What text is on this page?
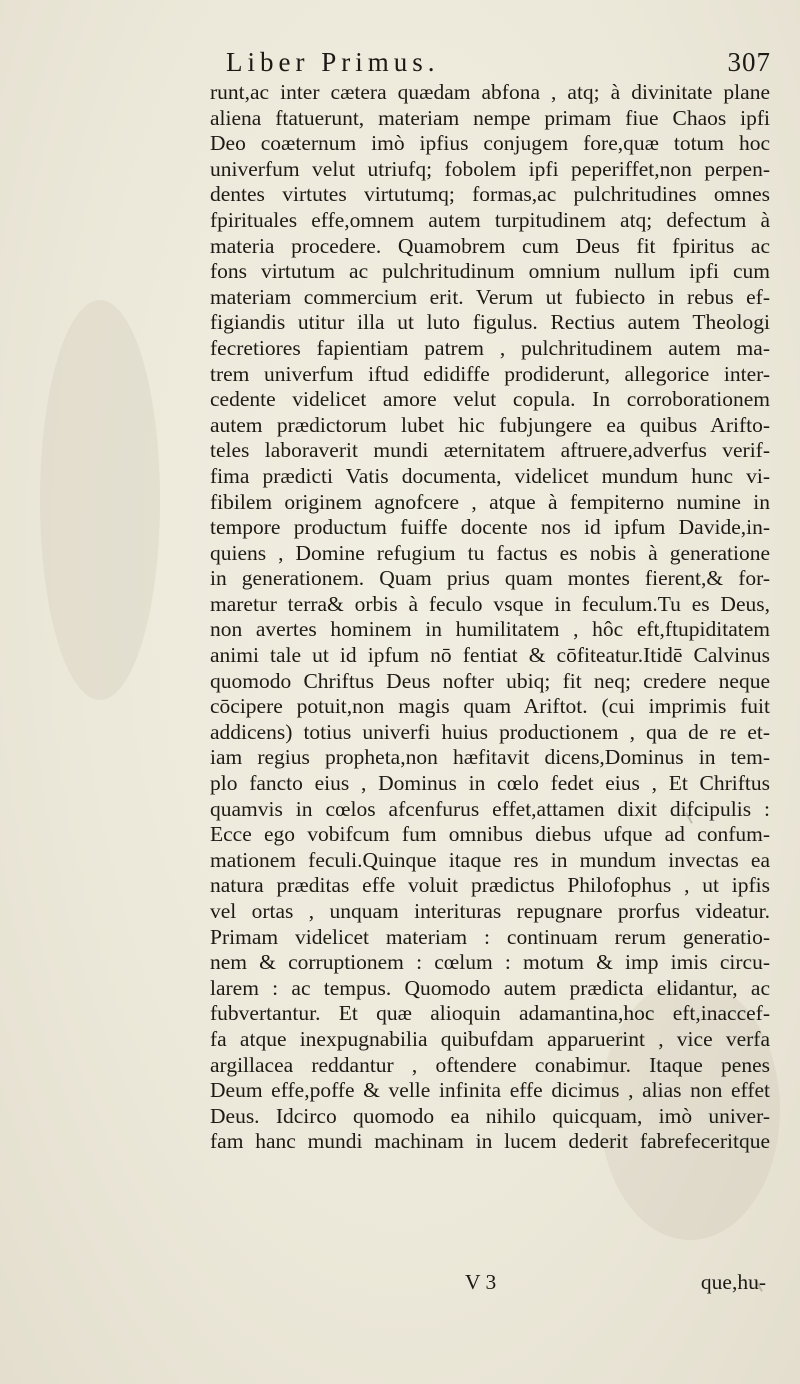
Liber Primus.	307
runt,ac inter cætera quædam abfona , atq; à divinitate plane
aliena ftatuerunt, materiam nempe primam fiue Chaos ipfi
Deo coæternum imò ipfius conjugem fore,quæ totum hoc
univerfum velut utriufq; fobolem ipfi peperiffet,non perpen-
dentes virtutes virtutumq; formas,ac pulchritudines omnes
fpirituales effe,omnem autem turpitudinem atq; defectum à
materia procedere. Quamobrem cum Deus fit fpiritus ac
fons virtutum ac pulchritudinum omnium nullum ipfi cum
materiam commercium erit. Verum ut fubiecto in rebus ef-
figiandis utitur illa ut luto figulus. Rectius autem Theologi
fecretiores fapientiam patrem , pulchritudinem autem ma-
trem univerfum iftud edidiffe prodiderunt, allegorice inter-
cedente videlicet amore velut copula. In corroborationem
autem prædictorum lubet hic fubjungere ea quibus Arifto-
teles laboraverit mundi æternitatem aftruere,adverfus verif-
fima prædicti Vatis documenta, videlicet mundum hunc vi-
fibilem originem agnofcere , atque à fempiterno numine in
tempore productum fuiffe docente nos id ipfum Davide,in-
quiens , Domine refugium tu factus es nobis à generatione
in generationem. Quam prius quam montes fierent,& for-
maretur terra& orbis à feculo vsque in feculum.Tu es Deus,
non avertes hominem in humilitatem , hôc eft,ftupiditatem
animi tale ut id ipfum nō fentiat & cōfiteatur.Itidē Calvinus
quomodo Chriftus Deus nofter ubiq; fit neq; credere neque
cōcipere potuit,non magis quam Ariftot. (cui imprimis fuit
addicens) totius univerfi huius productionem , qua de re et-
iam regius propheta,non hæfitavit dicens,Dominus in tem-
plo fancto eius , Dominus in cœlo fedet eius , Et Chriftus
quamvis in cœlos afcenfurus effet,attamen dixit difcipulis :
Ecce ego vobifcum fum omnibus diebus ufque ad confum-
mationem feculi.Quinque itaque res in mundum invectas ea
natura præditas effe voluit prædictus Philofophus , ut ipfis
vel ortas , unquam interituras repugnare prorfus videatur.
Primam videlicet materiam : continuam rerum generatio-
nem & corruptionem : cœlum : motum & imp imis circu-
larem : ac tempus. Quomodo autem prædicta elidantur, ac
fubvertantur. Et quæ alioquin adamantina,hoc eft,inaccef-
fa atque inexpugnabilia quibufdam apparuerint , vice verfa
argillacea reddantur , oftendere conabimur. Itaque penes
Deum effe,poffe & velle infinita effe dicimus , alias non effet
Deus. Idcirco quomodo ea nihilo quicquam, imò univer-
fam hanc mundi machinam in lucem dederit fabrefeceritque
V 3	que,hu-
